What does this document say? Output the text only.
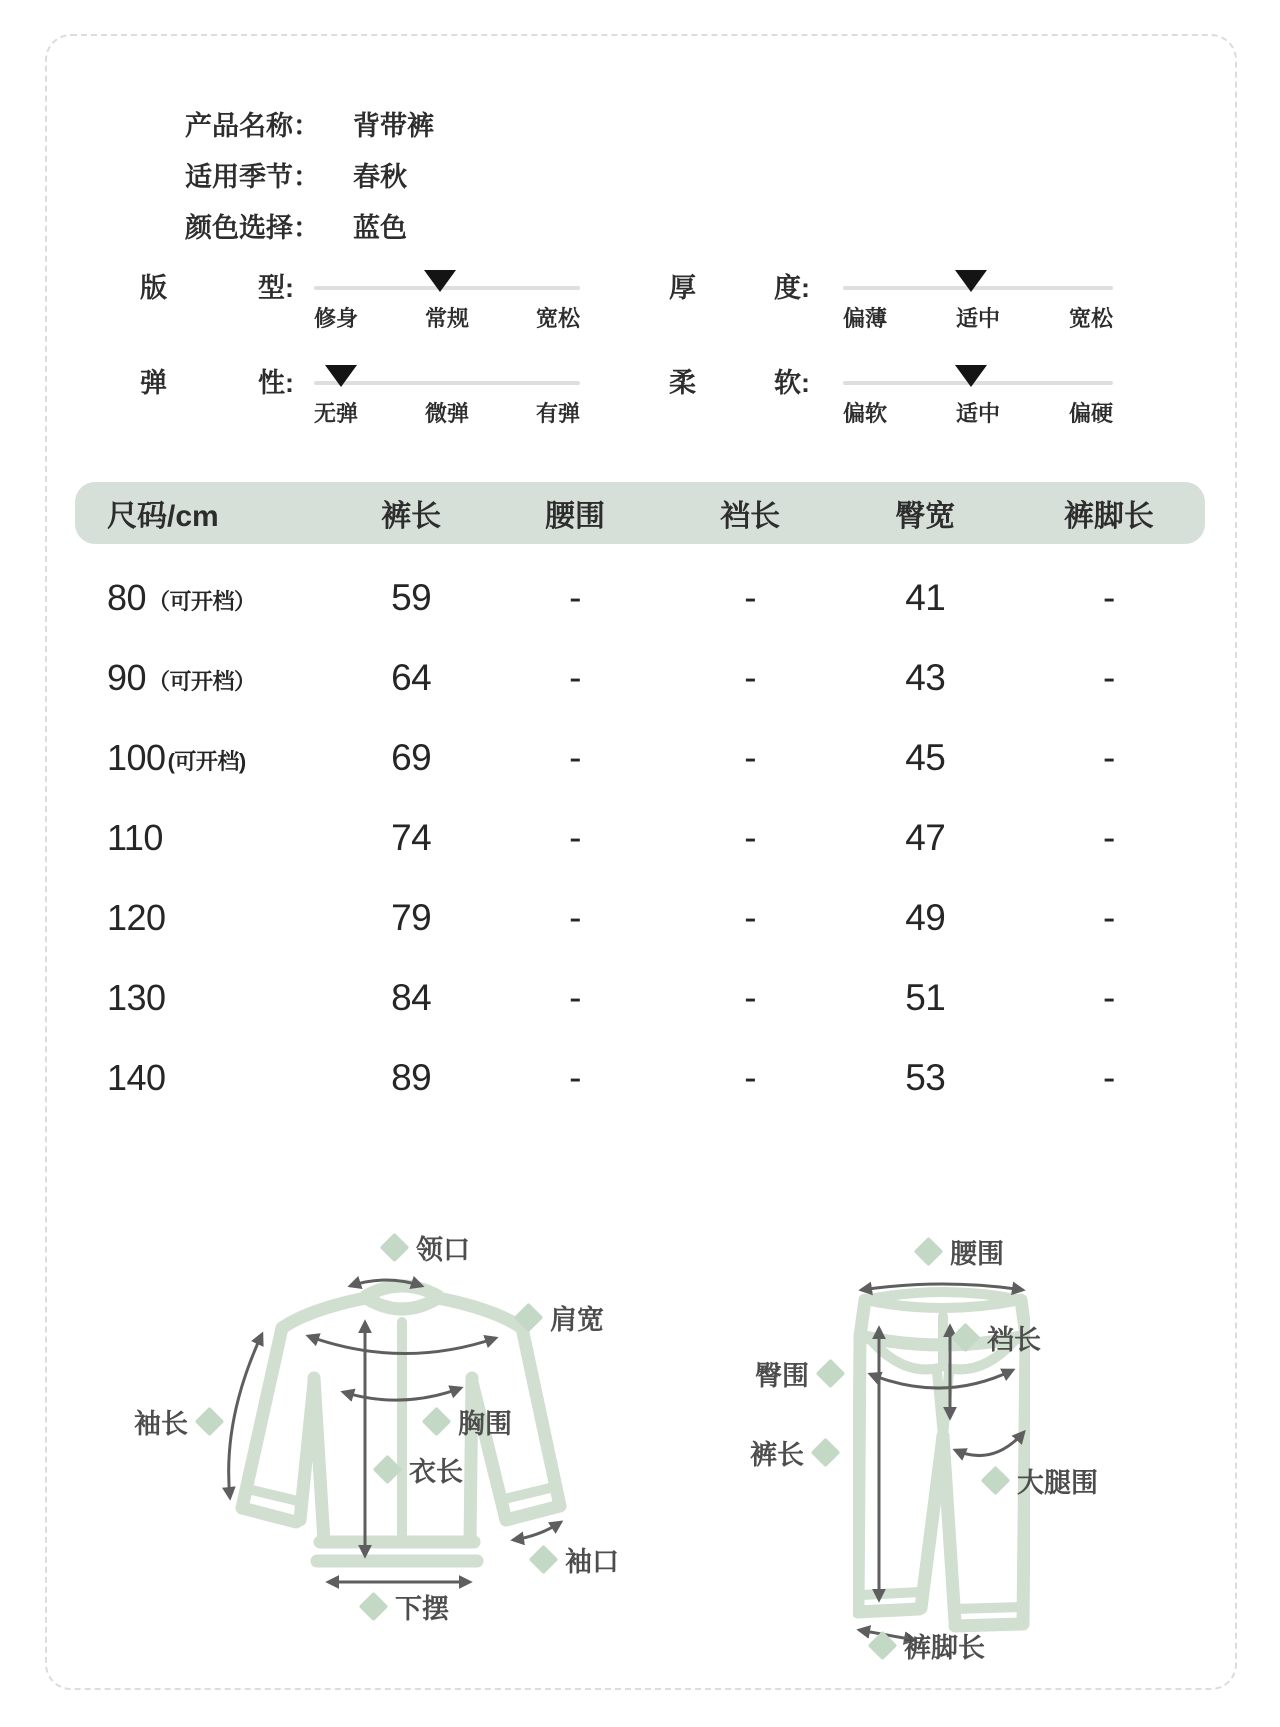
产品名称： 背带裤
适用季节： 春秋
颜色选择： 蓝色
版	型:
修身	常规	宽松
厚	度:
偏薄	适中	宽松
弹	性:
无弹	微弹	有弹
柔	软:
偏软	适中	偏硬
尺码/cm	裤长	腰围	裆长	臀宽	裤脚长
80 （可开档）	59	-	-	41	-
90 （可开档）	64	-	-	43	-
100 (可开档)	69	-	-	45	-
110	74	-	-	47	-
120	79	-	-	49	-
130	84	-	-	51	-
140	89	-	-	53	-
领口
肩宽
袖长	胸围
衣长
袖口
下摆
腰围
裆长
臀围
裤长
大腿围
裤脚长
